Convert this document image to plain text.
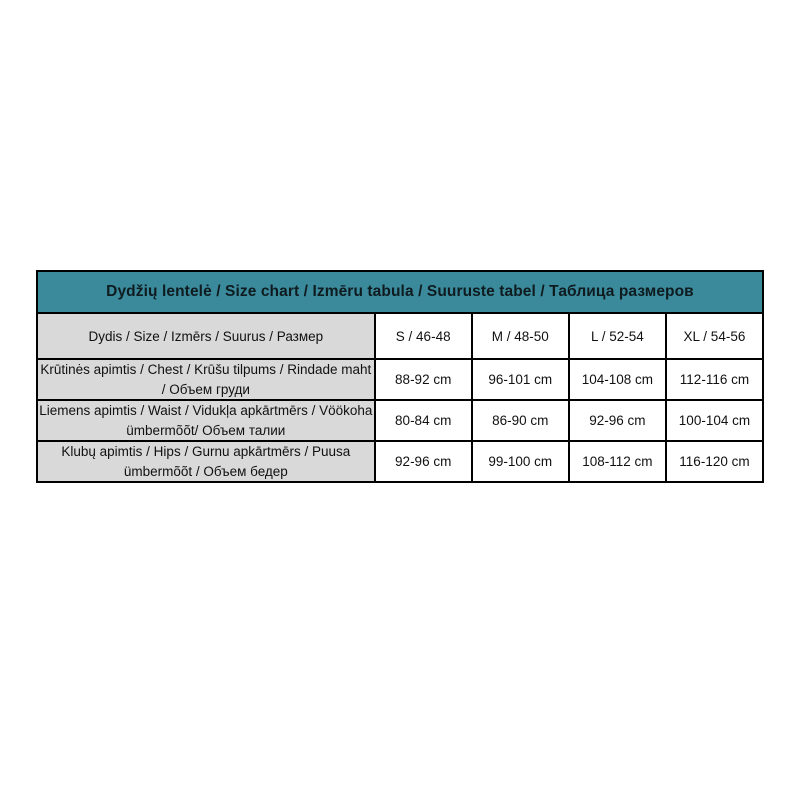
Dydžių lentelė / Size chart / Izmēru tabula / Suuruste tabel / Таблица размеров				
Dydis / Size / Izmērs / Suurus / Размер	S / 46-48	M / 48-50	L / 52-54	XL / 54-56
Krūtinės apimtis / Chest / Krūšu tilpums / Rindade maht / Объем груди	88-92 cm	96-101 cm	104-108 cm	112-116 cm
Liemens apimtis / Waist / Vidukļa apkārtmērs / Vöökoha ümbermõõt/ Объем талии	80-84 cm	86-90 cm	92-96 cm	100-104 cm
Klubų apimtis / Hips / Gurnu apkārtmērs / Puusa ümbermõõt / Объем бедер	92-96 cm	99-100 cm	108-112 cm	116-120 cm
